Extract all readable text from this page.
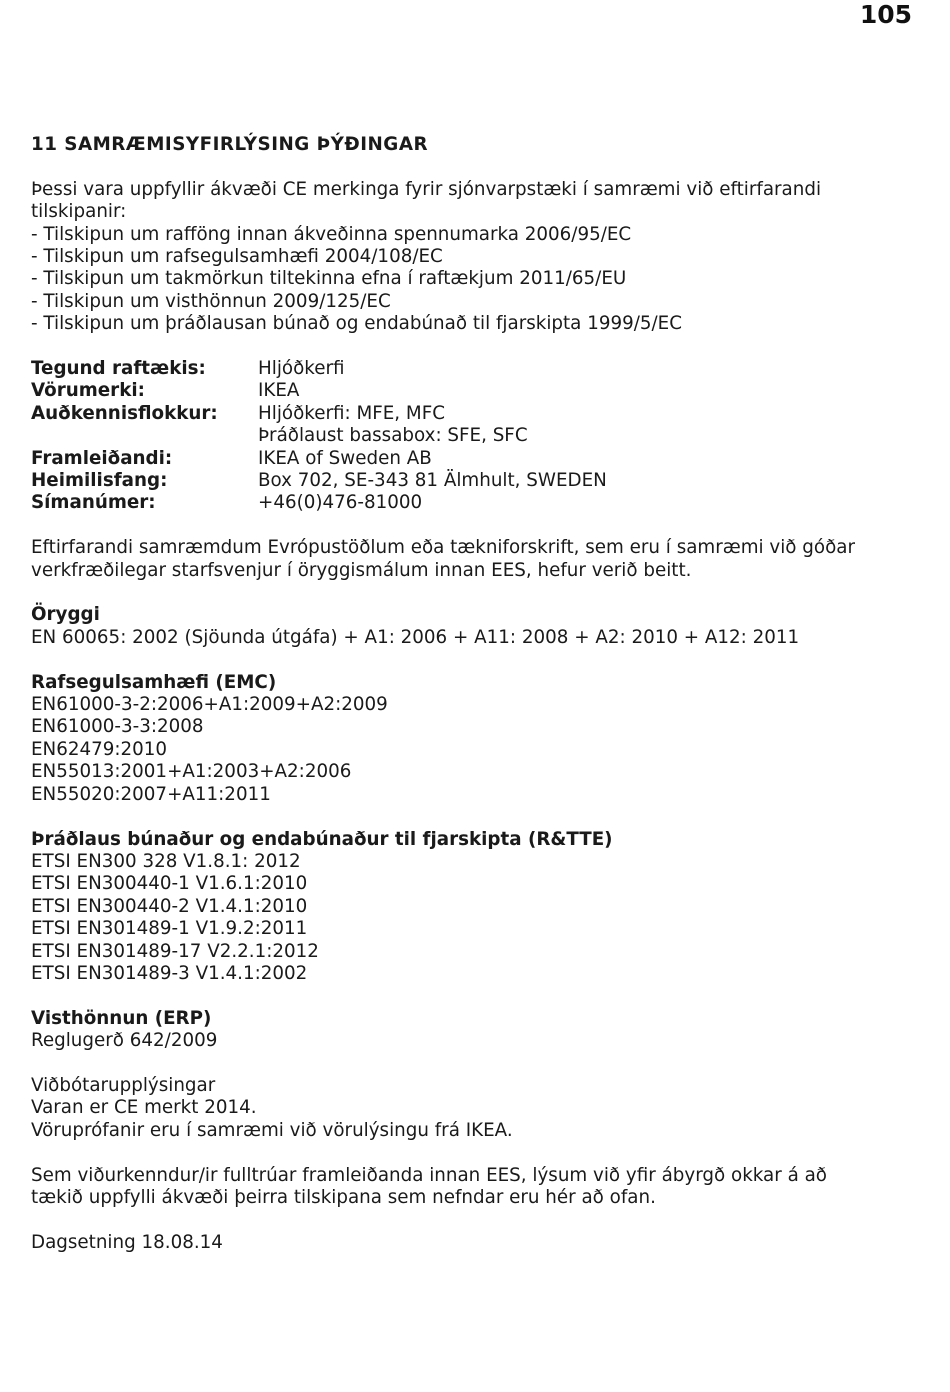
105
11 SAMRÆMISYFIRLÝSING ÞÝÐINGAR
Þessi vara uppfyllir ákvæði CE merkinga fyrir sjónvarpstæki í samræmi við eftirfarandi
tilskipanir:
- Tilskipun um rafföng innan ákveðinna spennumarka 2006/95/EC
- Tilskipun um rafsegulsamhæfi 2004/108/EC
- Tilskipun um takmörkun tiltekinna efna í raftækjum 2011/65/EU
- Tilskipun um visthönnun 2009/125/EC
- Tilskipun um þráðlausan búnað og endabúnað til fjarskipta 1999/5/EC
Tegund raftækis:	Hljóðkerfi
Vörumerki:	IKEA
Auðkennisflokkur:	Hljóðkerfi: MFE, MFC
	Þráðlaust bassabox: SFE, SFC
Framleiðandi:	IKEA of Sweden AB
Heimilisfang:	Box 702, SE-343 81 Älmhult, SWEDEN
Símanúmer:	+46(0)476-81000
Eftirfarandi samræmdum Evrópustöðlum eða tækniforskrift, sem eru í samræmi við góðar
verkfræðilegar starfsvenjur í öryggismálum innan EES, hefur verið beitt.
Öryggi
EN 60065: 2002 (Sjöunda útgáfa) + A1: 2006 + A11: 2008 + A2: 2010 + A12: 2011
Rafsegulsamhæfi (EMC)
EN61000-3-2:2006+A1:2009+A2:2009
EN61000-3-3:2008
EN62479:2010
EN55013:2001+A1:2003+A2:2006
EN55020:2007+A11:2011
Þráðlaus búnaður og endabúnaður til fjarskipta (R&TTE)
ETSI EN300 328 V1.8.1: 2012
ETSI EN300440-1 V1.6.1:2010
ETSI EN300440-2 V1.4.1:2010
ETSI EN301489-1 V1.9.2:2011
ETSI EN301489-17 V2.2.1:2012
ETSI EN301489-3 V1.4.1:2002
Visthönnun (ERP)
Reglugerð 642/2009
Viðbótarupplýsingar
Varan er CE merkt 2014.
Vöruprófanir eru í samræmi við vörulýsingu frá IKEA.
Sem viðurkenndur/ir fulltrúar framleiðanda innan EES, lýsum við yfir ábyrgð okkar á að
tækið uppfylli ákvæði þeirra tilskipana sem nefndar eru hér að ofan.
Dagsetning 18.08.14
